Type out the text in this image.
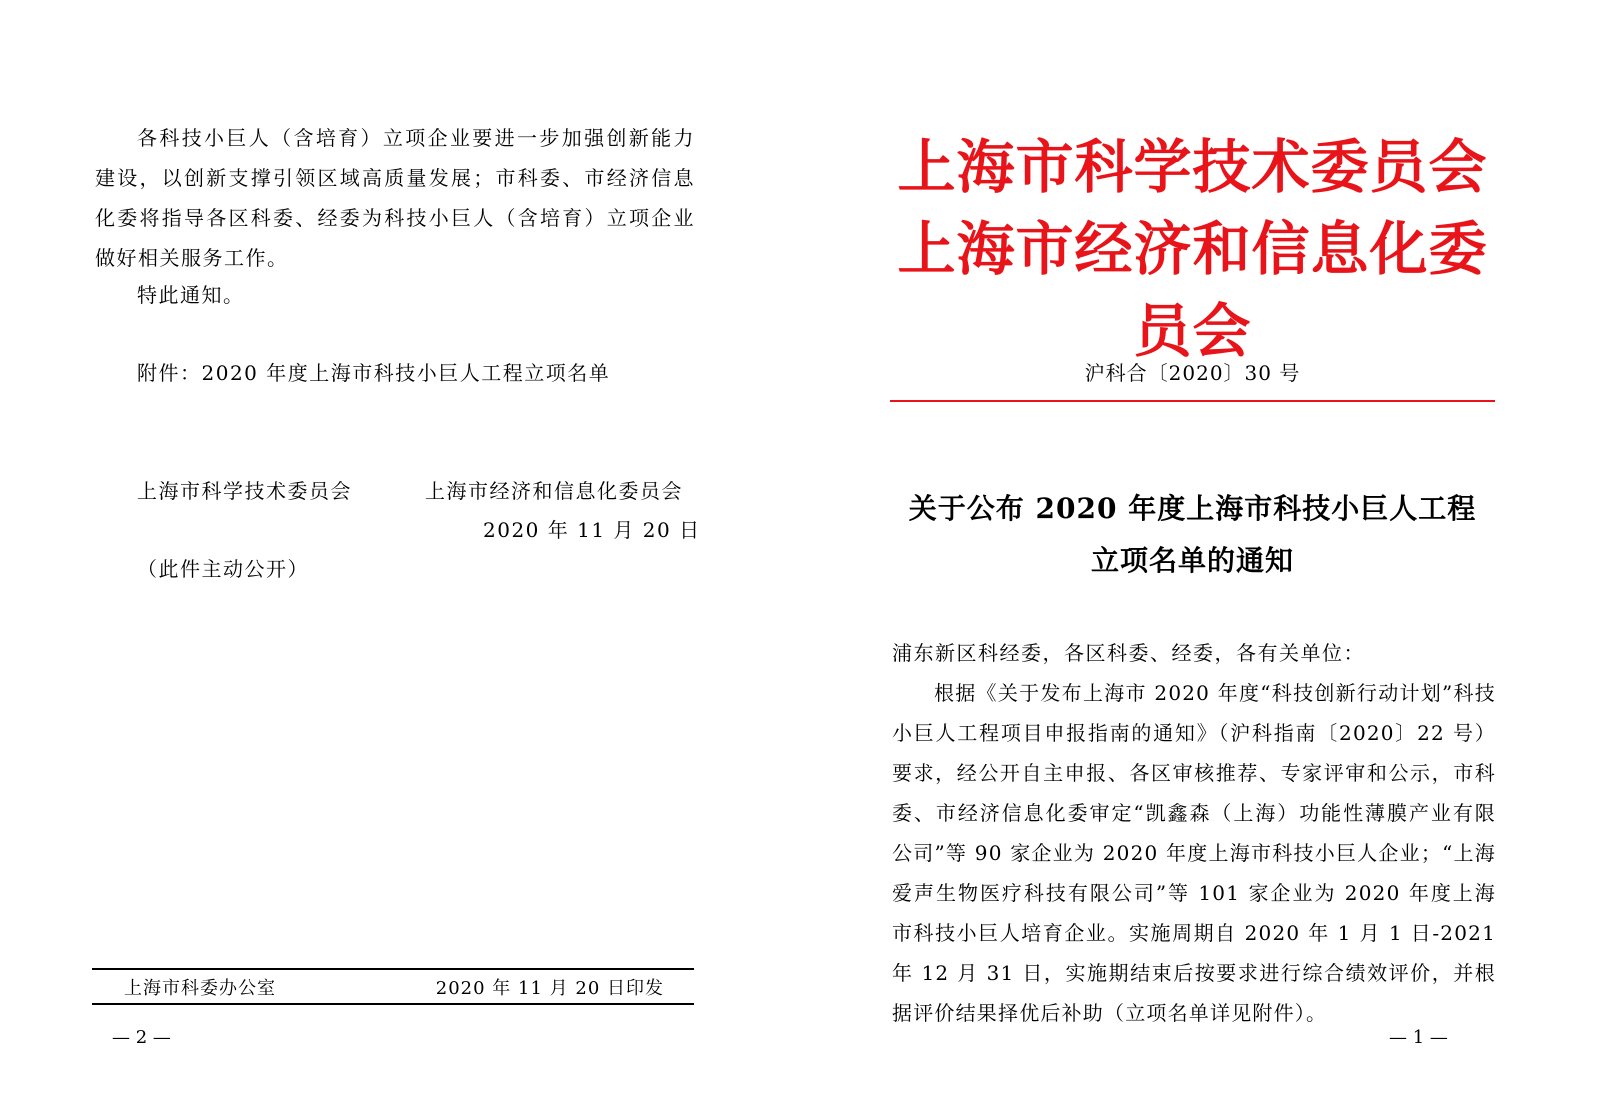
各科技小巨人（含培育）立项企业要进一步加强创新能力建设，以创新支撑引领区域高质量发展；市科委、市经济信息化委将指导各区科委、经委为科技小巨人（含培育）立项企业做好相关服务工作。
特此通知。
附件：2020 年度上海市科技小巨人工程立项名单
上海市科学技术委员会	上海市经济和信息化委员会
2020 年 11 月 20 日
（此件主动公开）
上海市科委办公室	2020 年 11 月 20 日印发
— 2 —
上海市科学技术委员会
上海市经济和信息化委员会
沪科合〔2020〕30 号
关于公布 2020 年度上海市科技小巨人工程
立项名单的通知
浦东新区科经委，各区科委、经委，各有关单位：
根据《关于发布上海市 2020 年度“科技创新行动计划”科技小巨人工程项目申报指南的通知》（沪科指南〔2020〕22 号）要求，经公开自主申报、各区审核推荐、专家评审和公示，市科委、市经济信息化委审定“凯鑫森（上海）功能性薄膜产业有限公司”等 90 家企业为 2020 年度上海市科技小巨人企业；“上海爱声生物医疗科技有限公司”等 101 家企业为 2020 年度上海市科技小巨人培育企业。实施周期自 2020 年 1 月 1 日-2021 年 12 月 31 日，实施期结束后按要求进行综合绩效评价，并根据评价结果择优后补助（立项名单详见附件）。
— 1 —
